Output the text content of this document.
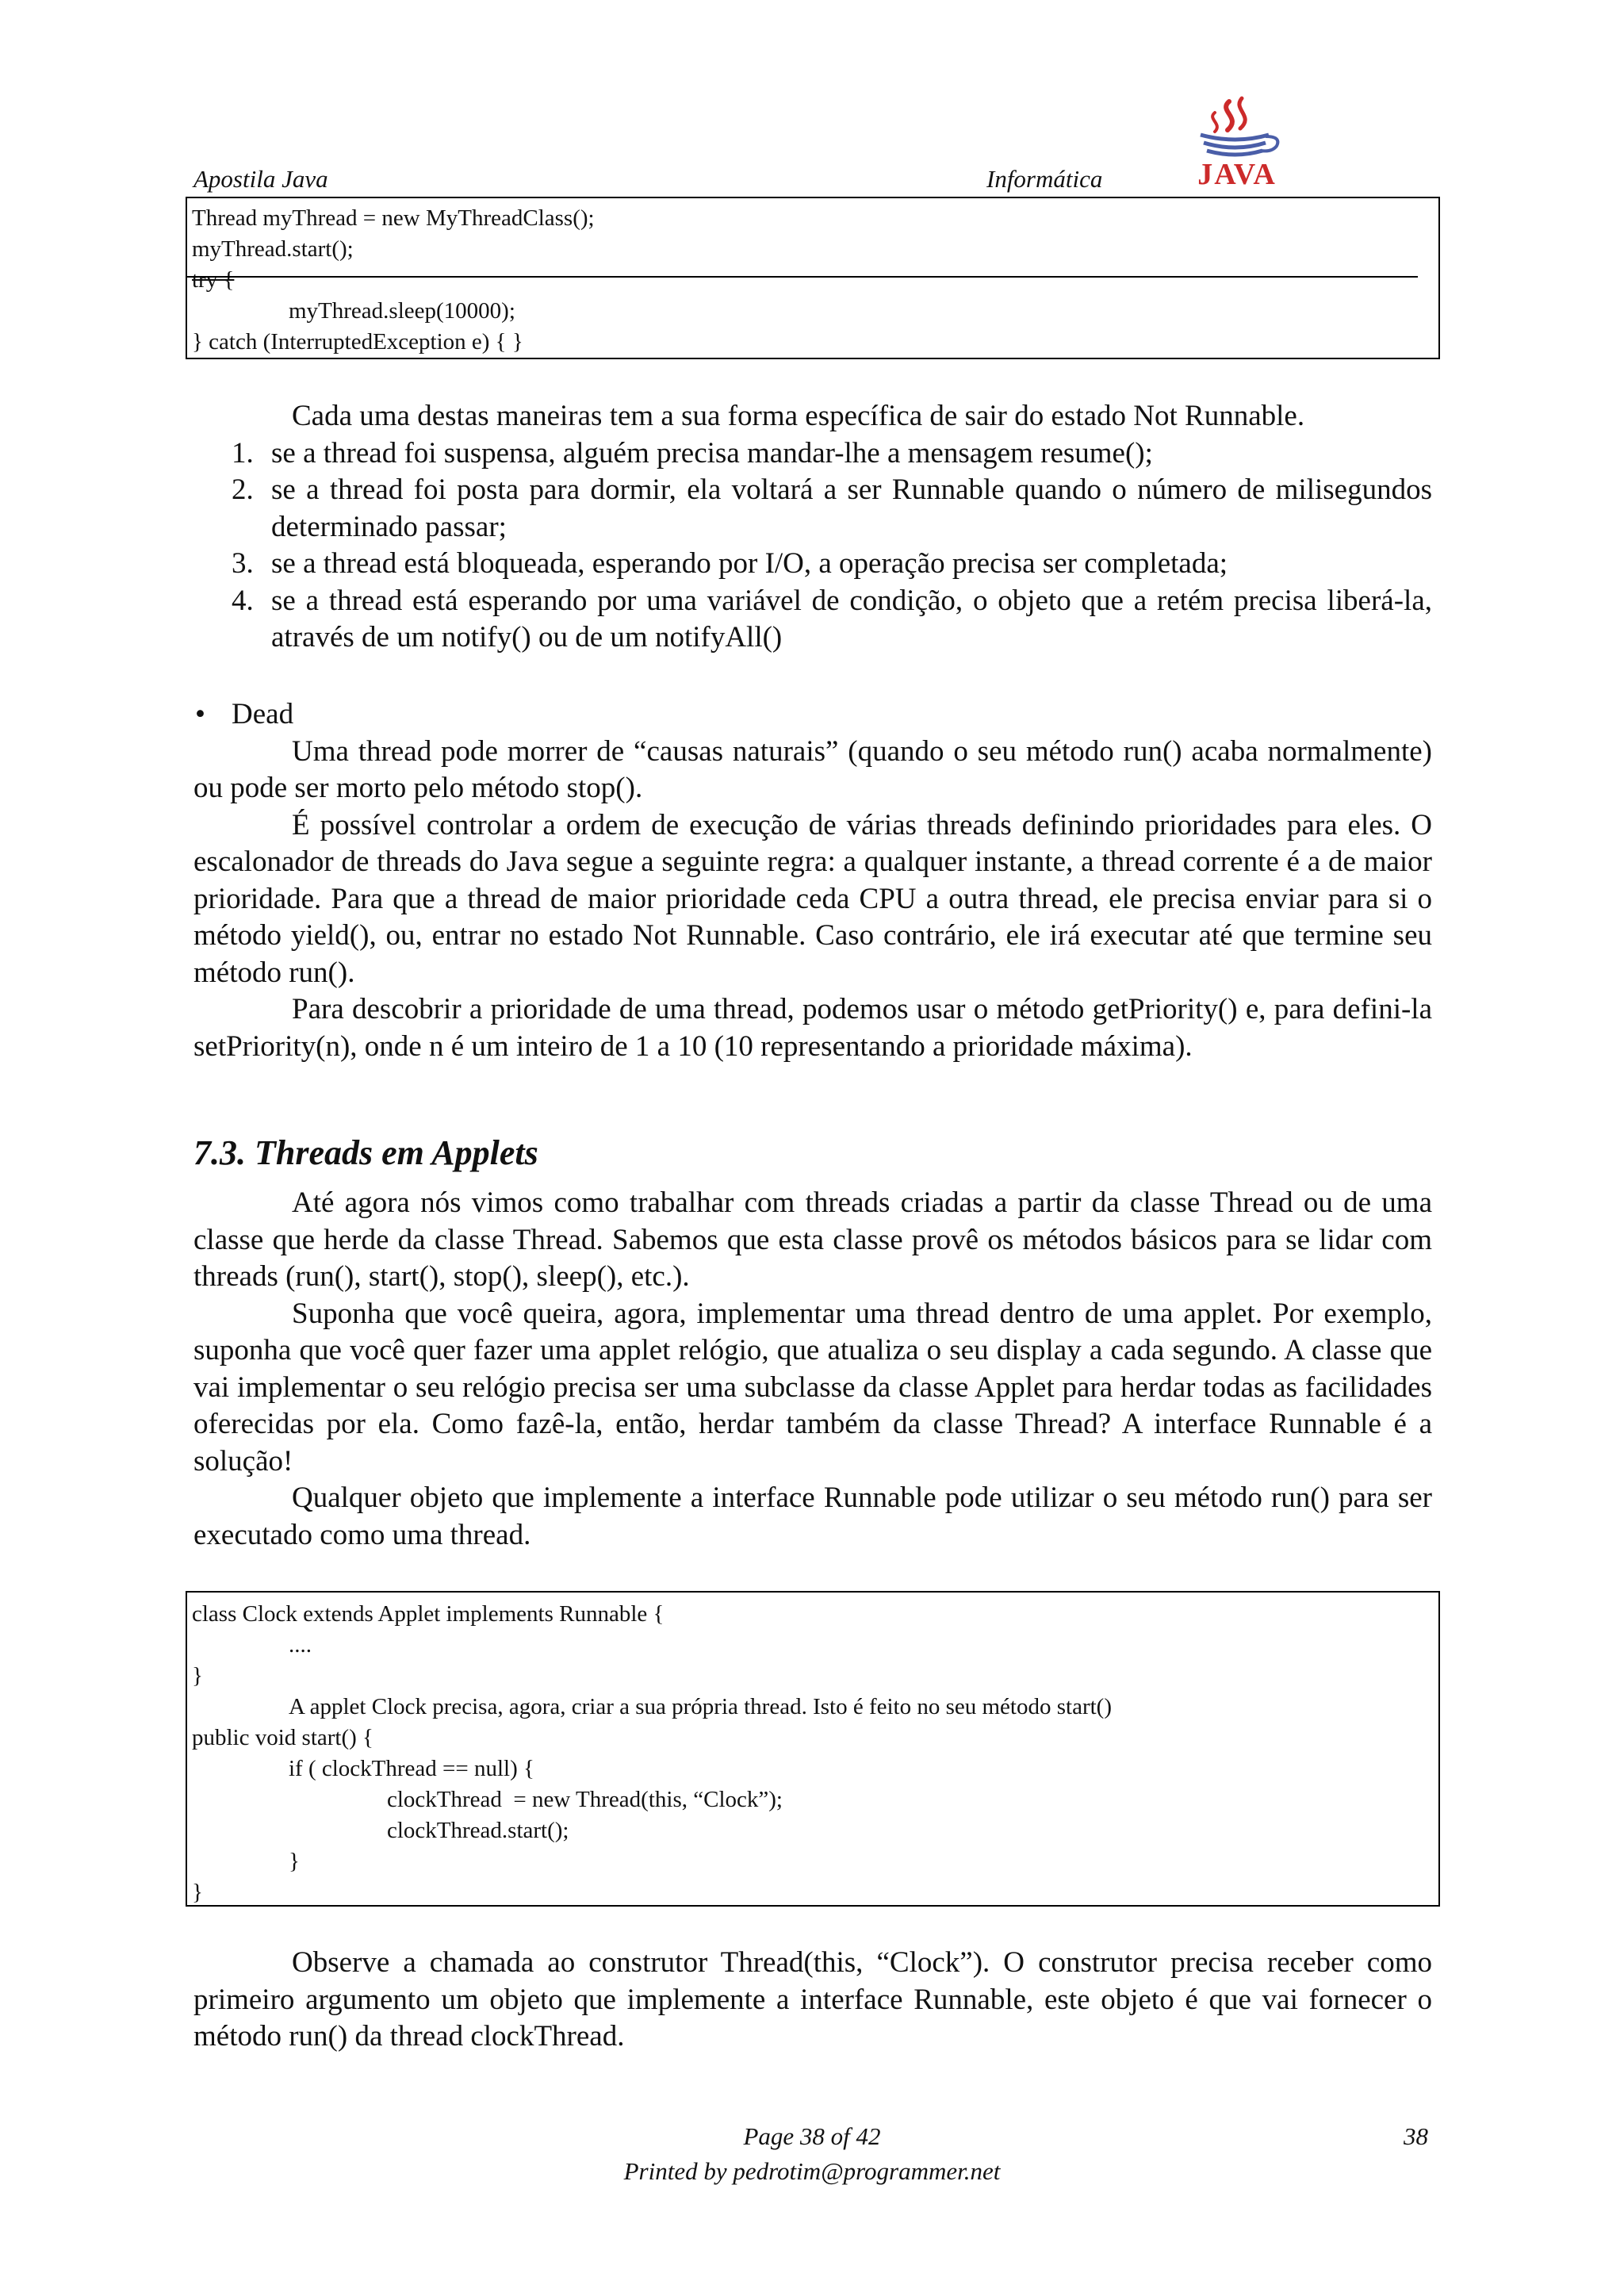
Apostila Java	Informática	JAVA
Thread myThread = new MyThreadClass();
myThread.start();
try {
myThread.sleep(10000);
} catch (InterruptedException e) { }

Cada uma destas maneiras tem a sua forma específica de sair do estado Not Runnable.

1. se a thread foi suspensa, alguém precisa mandar-lhe a mensagem resume();
2. se a thread foi posta para dormir, ela voltará a ser Runnable quando o número de milisegundos determinado passar;
3. se a thread está bloqueada, esperando por I/O, a operação precisa ser completada;
4. se a thread está esperando por uma variável de condição, o objeto que a retém precisa liberá-la, através de um notify() ou de um notifyAll()
• Dead

Uma thread pode morrer de “causas naturais” (quando o seu método run() acaba normalmente) ou pode ser morto pelo método stop().

É possível controlar a ordem de execução de várias threads definindo prioridades para eles. O escalonador de threads do Java segue a seguinte regra: a qualquer instante, a thread corrente é a de maior prioridade. Para que a thread de maior prioridade ceda CPU a outra thread, ele precisa enviar para si o método yield(), ou, entrar no estado Not Runnable. Caso contrário, ele irá executar até que termine seu método run().

Para descobrir a prioridade de uma thread, podemos usar o método getPriority() e, para defini-la setPriority(n), onde n é um inteiro de 1 a 10 (10 representando a prioridade máxima).

7.3. Threads em Applets

Até agora nós vimos como trabalhar com threads criadas a partir da classe Thread ou de uma classe que herde da classe Thread. Sabemos que esta classe provê os métodos básicos para se lidar com threads (run(), start(), stop(), sleep(), etc.).

Suponha que você queira, agora, implementar uma thread dentro de uma applet. Por exemplo, suponha que você quer fazer uma applet relógio, que atualiza o seu display a cada segundo. A classe que vai implementar o seu relógio precisa ser uma subclasse da classe Applet para herdar todas as facilidades oferecidas por ela. Como fazê-la, então, herdar também da classe Thread? A interface Runnable é a solução!

Qualquer objeto que implemente a interface Runnable pode utilizar o seu método run() para ser executado como uma thread.

class Clock extends Applet implements Runnable {
....
}
A applet Clock precisa, agora, criar a sua própria thread. Isto é feito no seu método start()
public void start() {
if ( clockThread == null) {
clockThread  = new Thread(this, “Clock”);
clockThread.start();
}
}

Observe a chamada ao construtor Thread(this, “Clock”). O construtor precisa receber como primeiro argumento um objeto que implemente a interface Runnable, este objeto é que vai fornecer o método run() da thread clockThread.

Page 38 of 42
Printed by pedrotim@programmer.net
38
